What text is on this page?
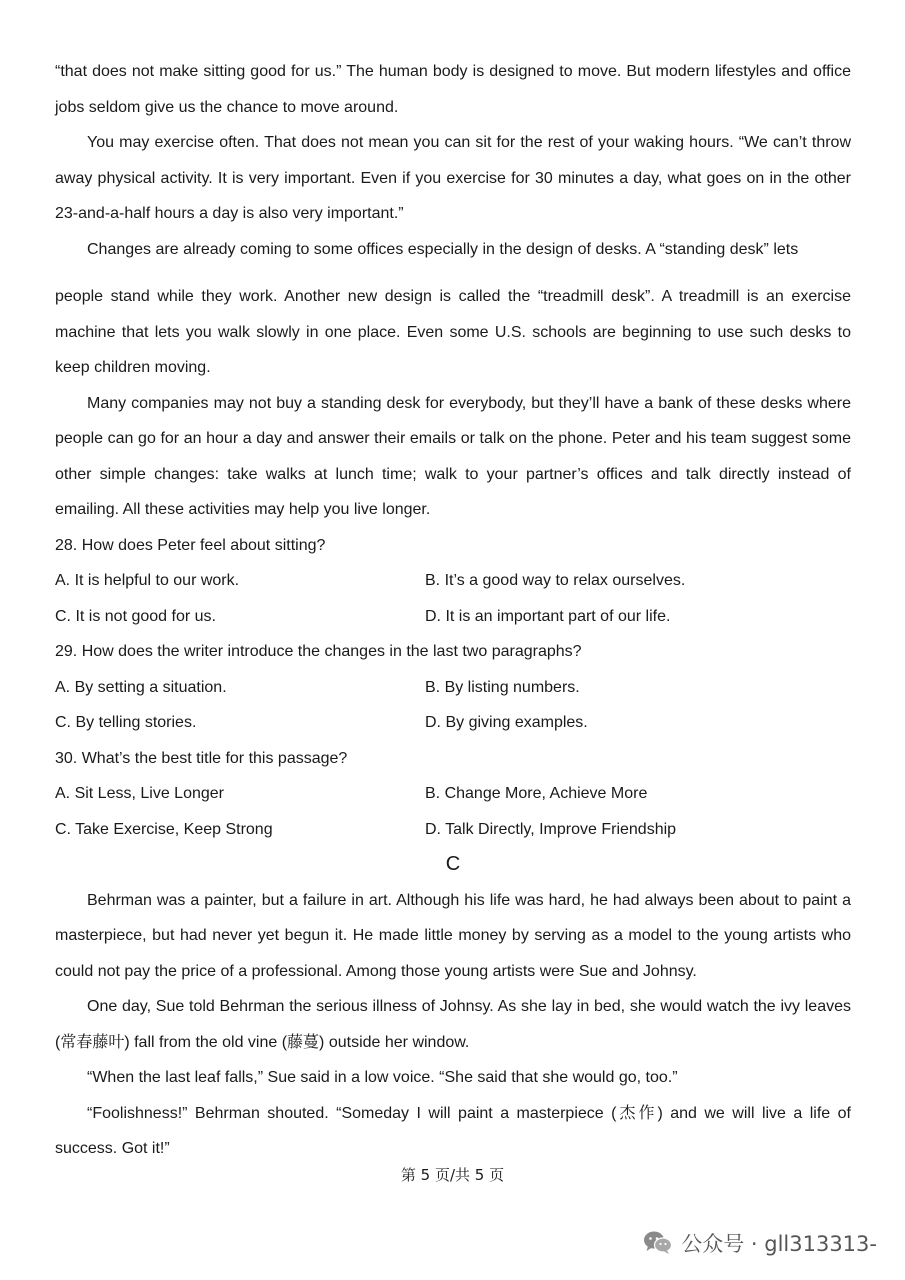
“that does not make sitting good for us.” The human body is designed to move. But modern lifestyles and office jobs seldom give us the chance to move around.

You may exercise often. That does not mean you can sit for the rest of your waking hours. “We can’t throw away physical activity. It is very important. Even if you exercise for 30 minutes a day, what goes on in the other 23-and-a-half hours a day is also very important.”

Changes are already coming to some offices especially in the design of desks. A “standing desk” lets

people stand while they work. Another new design is called the “treadmill desk”. A treadmill is an exercise machine that lets you walk slowly in one place. Even some U.S. schools are beginning to use such desks to keep children moving.

Many companies may not buy a standing desk for everybody, but they’ll have a bank of these desks where people can go for an hour a day and answer their emails or talk on the phone. Peter and his team suggest some other simple changes: take walks at lunch time; walk to your partner’s offices and talk directly instead of emailing. All these activities may help you live longer.

28. How does Peter feel about sitting?

A. It is helpful to our work.	B. It’s a good way to relax ourselves.
C. It is not good for us.	D. It is an important part of our life.

29. How does the writer introduce the changes in the last two paragraphs?

A. By setting a situation.	B. By listing numbers.
C. By telling stories.	D. By giving examples.

30. What’s the best title for this passage?

A. Sit Less, Live Longer	B. Change More, Achieve More
C. Take Exercise, Keep Strong	D. Talk Directly, Improve Friendship

C

Behrman was a painter, but a failure in art. Although his life was hard, he had always been about to paint a masterpiece, but had never yet begun it. He made little money by serving as a model to the young artists who could not pay the price of a professional. Among those young artists were Sue and Johnsy.

One day, Sue told Behrman the serious illness of Johnsy. As she lay in bed, she would watch the ivy leaves (常春藤叶) fall from the old vine (藤蔓) outside her window.

“When the last leaf falls,” Sue said in a low voice. “She said that she would go, too.”

“Foolishness!” Behrman shouted. “Someday I will paint a masterpiece (杰作) and we will live a life of success. Got it!”

第 5 页/共 5 页
公众号 · gll313313-
